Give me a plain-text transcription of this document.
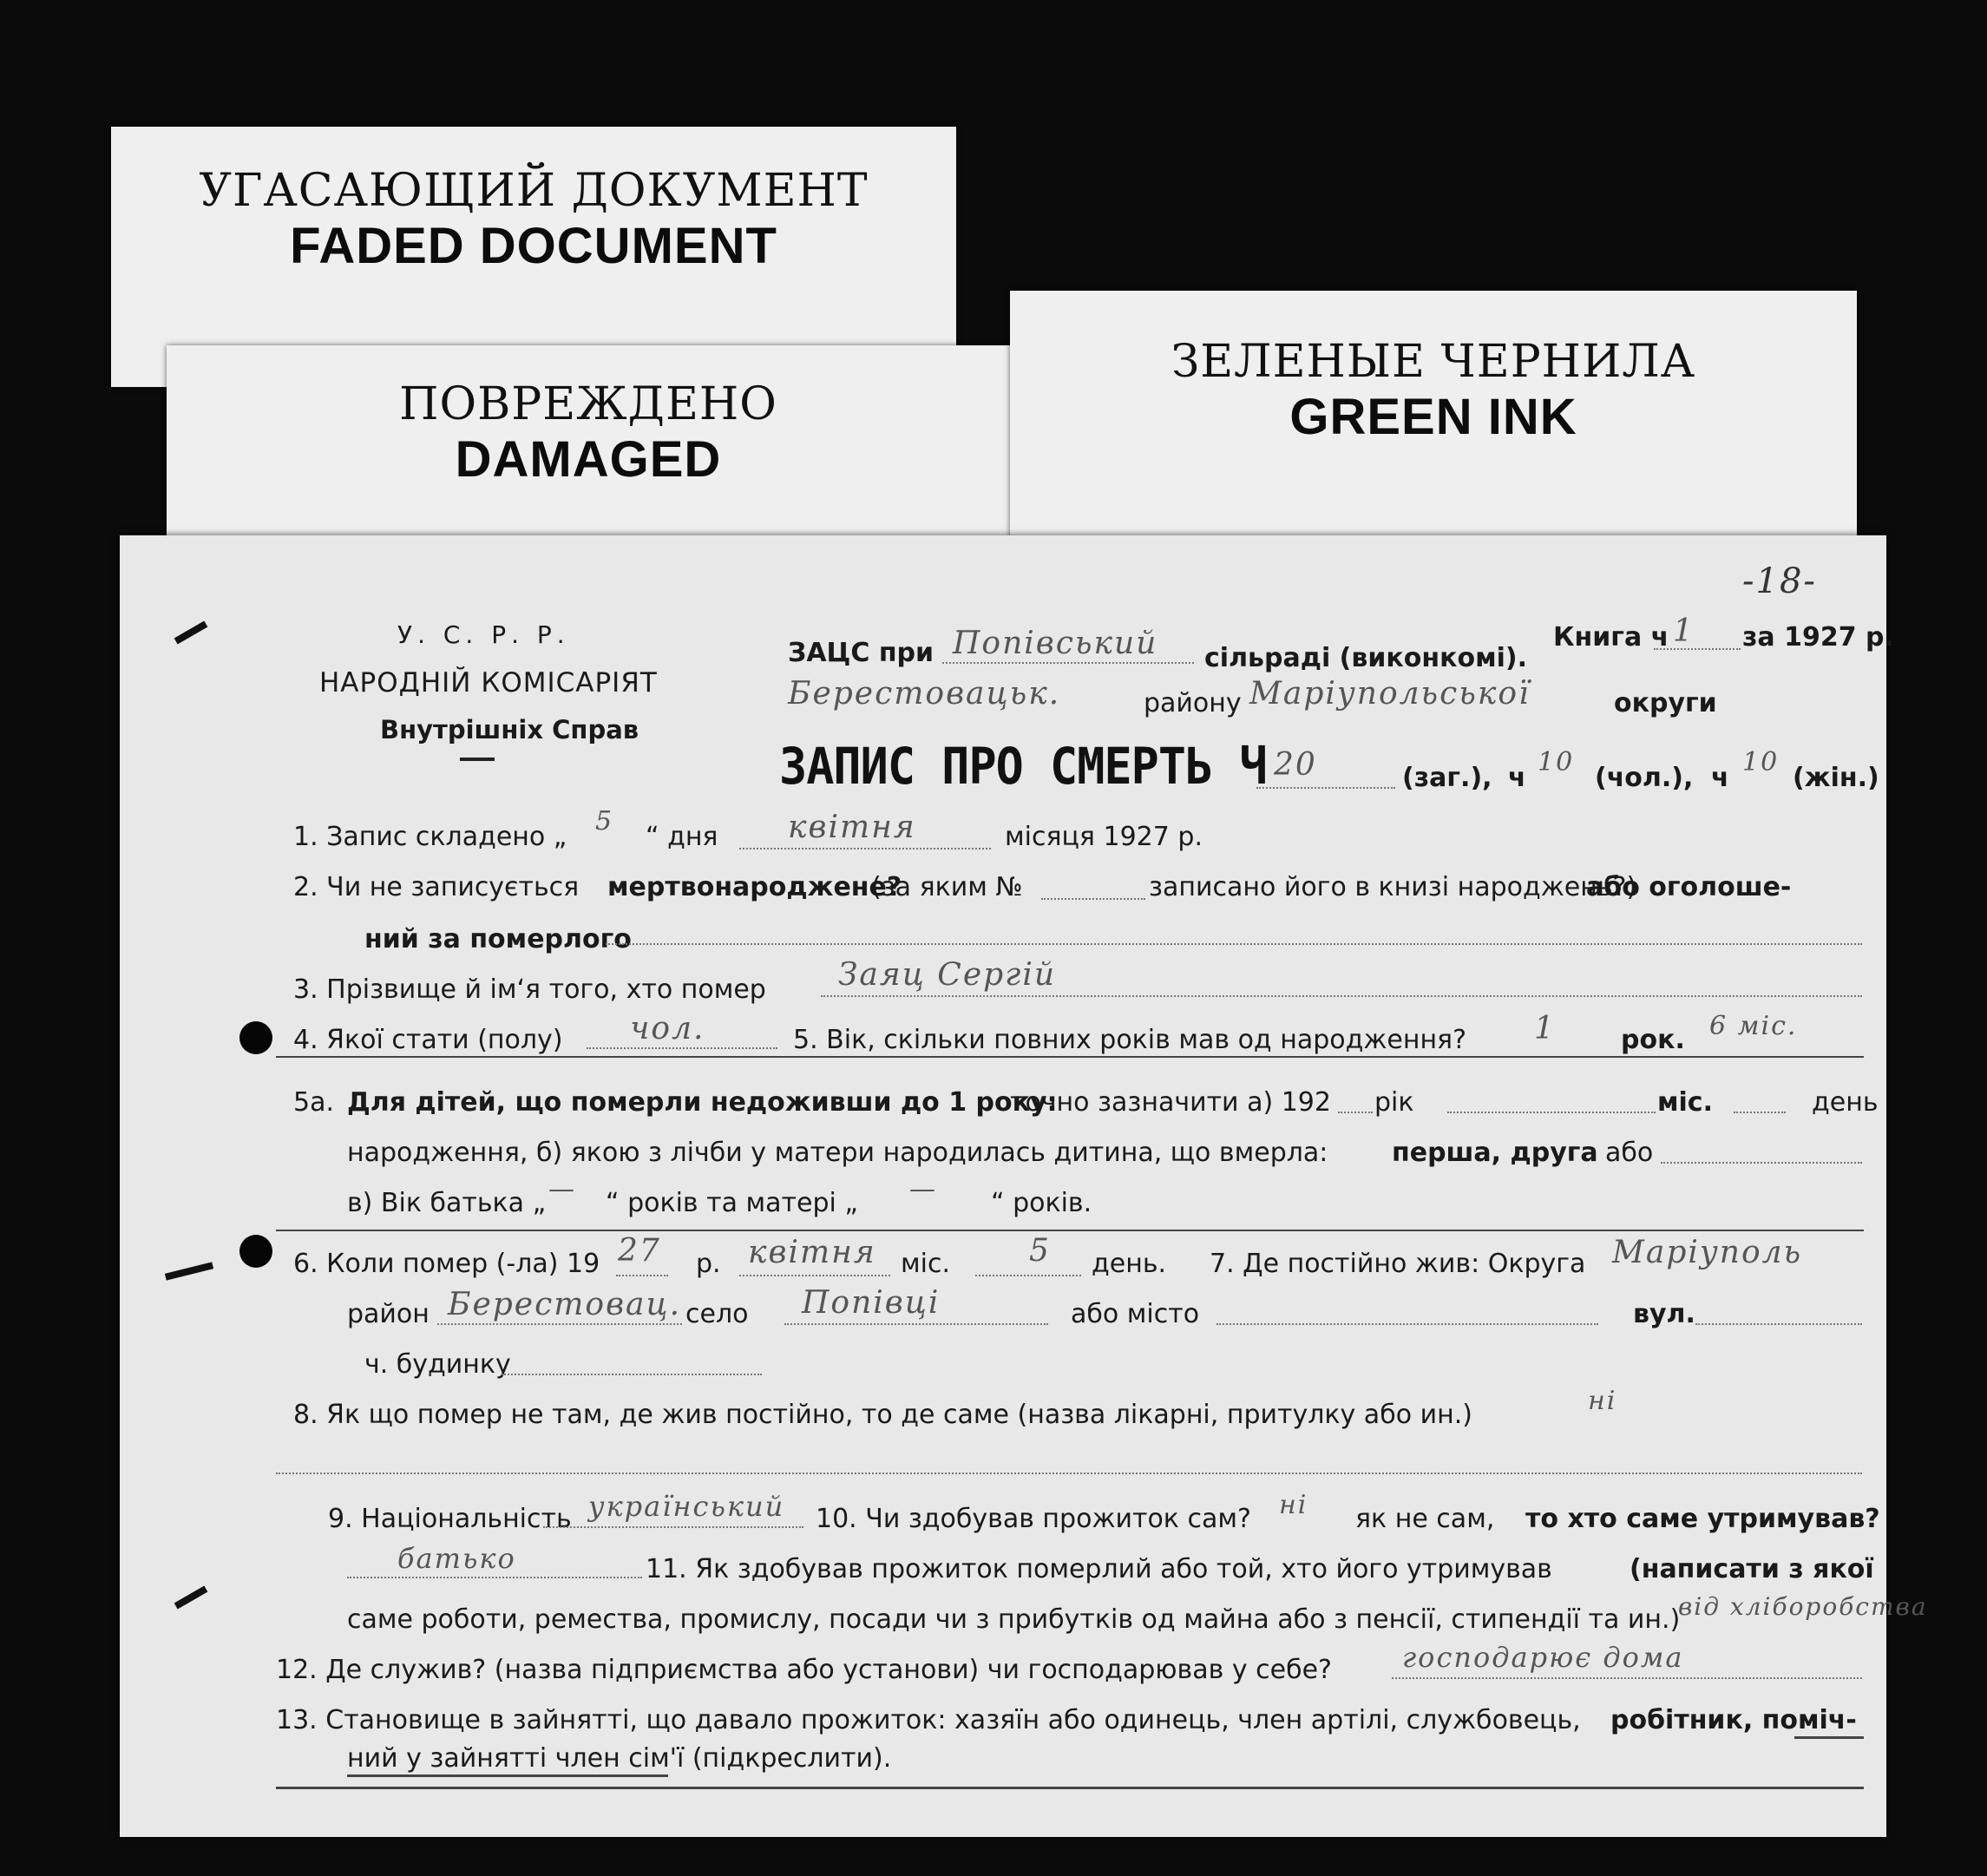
УГАСАЮЩИЙ ДОКУМЕНТ
FADED DOCUMENT
ПОВРЕЖДЕНО
DAMAGED
ЗЕЛЕНЫЕ ЧЕРНИЛА
GREEN INK
-18-
У. С. Р. Р.
НАРОДНІЙ КОМІСАРІЯТ
Внутрішніх Справ
ЗАЦС при Попівський сільраді (виконкомі).
Книга ч 1 за 1927 р.
Берестовацьк.	району Маріупольської	округи
ЗАПИС ПРО СМЕРТЬ Ч 20	(заг.), ч
10
(чол.), ч
10
(жін.)
1. Запис складено „
5
“ дня квітня	місяця 1927 р.
2. Чи не записується мертвонароджене?
(за яким №	записано його в книзі народжень?)
або оголоше-
ний за померлого
3. Прізвище й ім‘я того, хто помер Заяц Сергій
4. Якої стати (полу) чол.	5. Вік, скільки повних років мав од народження? 1	рок. 6 міс.
5а. Для дітей, що померли недоживши до 1 року:
точно зазначити а) 192 рік	міс.	день
народження, б) якою з лічби у матери народилась дитина, що вмерла: перша, друга або
в) Вік батька „ — “ років та матері „ — “ років.
6. Коли помер (-ла) 19 27 р. квітня міс.	5 день. 7. Де постійно жив: Округа Маріуполь
район Берестовац. село Попівці	або місто	вул.
ч. будинку
8. Як що помер не там, де жив постійно, то де саме (назва лікарні, притулку або ин.)	ні
9. Національність український 10. Чи здобував прожиток сам? ні як не сам, то хто саме утримував?
батько	11. Як здобував прожиток померлий або той, хто його утримував	(написати з якої
саме роботи, ремества, промислу, посади чи з прибутків од майна або з пенсії, стипендії та ин.)
від хліборобства
12. Де служив? (назва підприємства або установи) чи господарював у себе?	господарює дома
13. Становище в зайнятті, що давало прожиток: хазяїн або одинець, член артілі, службовець, робітник, поміч-
ний у зайнятті член сім'ї (підкреслити).
